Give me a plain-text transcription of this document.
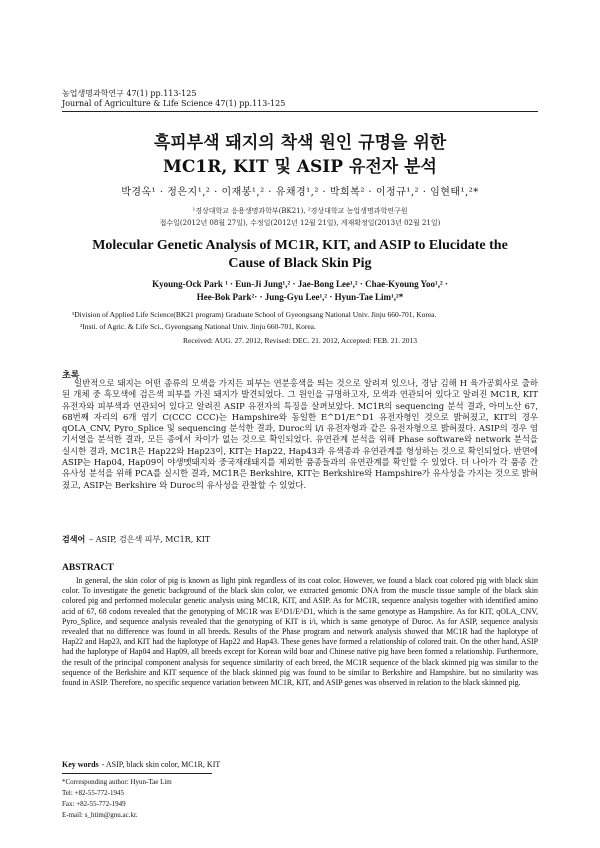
농업생명과학연구 47(1) pp.113-125
Journal of Agriculture & Life Science 47(1) pp.113-125
흑피부색 돼지의 착색 원인 규명을 위한
MC1R, KIT 및 ASIP 유전자 분석
박경옥¹ · 정은지¹,² · 이재봉¹,² · 유채경¹,² · 박희복² · 이정규¹,² · 임현태¹,²*
¹경상대학교 응용생명과학부(BK21), ²경상대학교 농업생명과학연구원
접수일(2012년 08월 27일), 수정일(2012년 12월 21일), 게재확정일(2013년 02월 21일)
Molecular Genetic Analysis of MC1R, KIT, and ASIP to Elucidate the
Cause of Black Skin Pig
Kyoung-Ock Park ¹ · Eun-Ji Jung¹,² · Jae-Bong Lee¹,² · Chae-Kyoung Yoo¹,² ·
Hee-Bok Park²· · Jung-Gyu Lee¹,² · Hyun-Tae Lim¹,²*
¹Division of Applied Life Science(BK21 program) Graduate School of Gyeongsang National Univ. Jinju 660-701, Korea.
²Insti. of Agric. & Life Sci., Gyeongsang National Univ. Jinju 660-701, Korea.
Received: AUG. 27. 2012, Revised: DEC. 21. 2012, Accepted: FEB. 21. 2013
초록
일반적으로 돼지는 어떤 종류의 모색을 가지든 피부는 연분홍색을 띄는 것으로 알려져 있으나, 경남 김해 H 육가공회사로 출하된 개체 중 흑모색에 검은색 피부를 가진 돼지가 발견되었다. 그 원인을 규명하고자, 모색과 연관되어 있다고 알려진 MC1R, KIT 유전자와 피부색과 연관되어 있다고 알려진 ASIP 유전자의 특징을 살펴보았다. MC1R의 sequencing 분석 결과, 아미노산 67, 68번째 자리의 6개 염기 C(CCC CCC)는 Hampshire와 동일한 E^D1/E^D1 유전자형인 것으로 밝혀졌고, KIT의 경우 qOLA_CNV, Pyro_Splice 및 sequencing 분석한 결과, Duroc의 i/i 유전자형과 같은 유전자형으로 밝혀졌다. ASIP의 경우 염기서열을 분석한 결과, 모든 종에서 차이가 없는 것으로 확인되었다. 유연관계 분석을 위해 Phase software와 network 분석을 실시한 결과, MC1R은 Hap22와 Hap23이, KIT는 Hap22, Hap43과 유색종과 유연관계를 형성하는 것으로 확인되었다. 반면에 ASIP는 Hap04, Hap09이 야생멧돼지와 중국재래돼지를 제외한 품종들과의 유연관계를 확인할 수 있었다. 더 나아가 각 품종 간 유사성 분석을 위해 PCA를 실시한 결과, MC1R은 Berkshire, KIT는 Berkshire와 Hampshire가 유사성을 가지는 것으로 밝혀졌고, ASIP는 Berkshire 와 Duroc의 유사성을 관찰할 수 있었다.
검색어 – ASIP, 검은색 피부, MC1R, KIT
ABSTRACT
In general, the skin color of pig is known as light pink regardless of its coat color. However, we found a black coat colored pig with black skin color. To investigate the genetic background of the black skin color, we extracted genomic DNA from the muscle tissue sample of the black skin colored pig and performed molecular genetic analysis using MC1R, KIT, and ASIP. As for MC1R, sequence analysis together with identified amino acid of 67, 68 codons revealed that the genotyping of MC1R was E^D1/E^D1, which is the same genotype as Hampshire. As for KIT, qOLA_CNV, Pyro_Splice, and sequence analysis revealed that the genotyping of KIT is i/i, which is same genotype of Duroc. As for ASIP, sequence analysis revealed that no difference was found in all breeds. Results of the Phase program and network analysis showed that MC1R had the haplotype of Hap22 and Hap23, and KIT had the haplotype of Hap22 and Hap43. These genes have formed a relationship of colored trait. On the other hand, ASIP had the haplotype of Hap04 and Hap09, all breeds except for Korean wild boar and Chinese native pig have been formed a relationship. Furthermore, the result of the principal component analysis for sequence similarity of each breed, the MC1R sequence of the black skinned pig was similar to the sequence of the Berkshire and KIT sequence of the black skinned pig was found to be similar to Berkshire and Hampshire. but no similarity was found in ASIP. Therefore, no specific sequence variation between MC1R, KIT, and ASIP genes was observed in relation to the black skinned pig.
Key words - ASIP, black skin color, MC1R, KIT
*Corresponding author: Hyun-Tae Lim
Tel: +82-55-772-1945
Fax: +82-55-772-1949
E-mail: s_htim@gnu.ac.kr.
